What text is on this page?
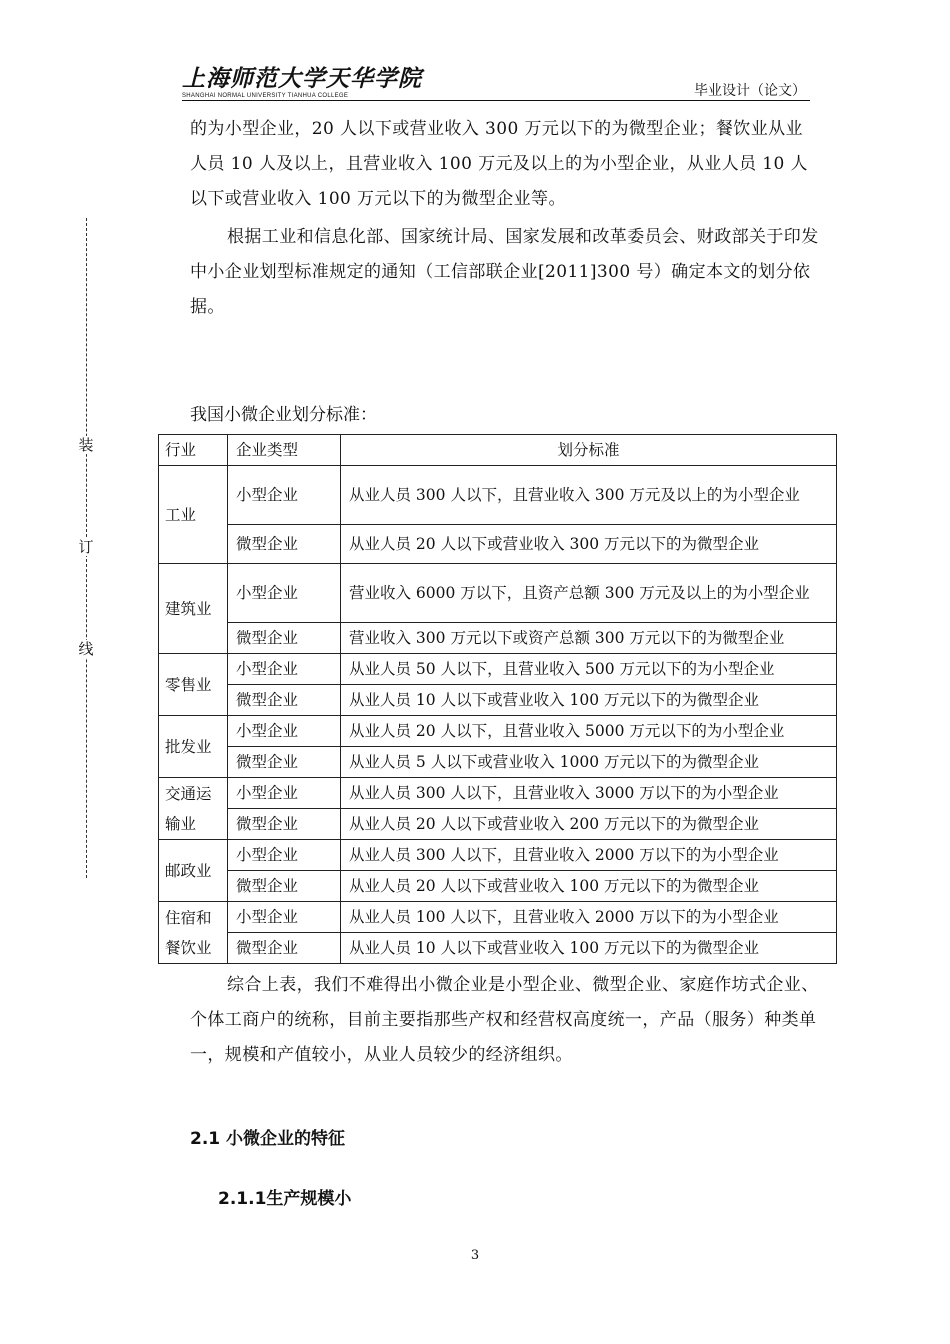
上海师范大学天华学院
SHANGHAI NORMAL UNIVERSITY TIANHUA COLLEGE	毕业设计（论文）
装
订
线
的为小型企业，20 人以下或营业收入 300 万元以下的为微型企业；餐饮业从业人员 10 人及以上，且营业收入 100 万元及以上的为小型企业，从业人员 10 人以下或营业收入 100 万元以下的为微型企业等。
根据工业和信息化部、国家统计局、国家发展和改革委员会、财政部关于印发中小企业划型标准规定的通知（工信部联企业[2011]300 号）确定本文的划分依据。
我国小微企业划分标准：
行业	企业类型	划分标准
工业	小型企业	从业人员 300 人以下，且营业收入 300 万元及以上的为小型企业
	微型企业	从业人员 20 人以下或营业收入 300 万元以下的为微型企业
建筑业	小型企业	营业收入 6000 万以下，且资产总额 300 万元及以上的为小型企业
	微型企业	营业收入 300 万元以下或资产总额 300 万元以下的为微型企业
零售业	小型企业	从业人员 50 人以下，且营业收入 500 万元以下的为小型企业
	微型企业	从业人员 10 人以下或营业收入 100 万元以下的为微型企业
批发业	小型企业	从业人员 20 人以下，且营业收入 5000 万元以下的为小型企业
	微型企业	从业人员 5 人以下或营业收入 1000 万元以下的为微型企业
交通运输业	小型企业	从业人员 300 人以下，且营业收入 3000 万以下的为小型企业
	微型企业	从业人员 20 人以下或营业收入 200 万元以下的为微型企业
邮政业	小型企业	从业人员 300 人以下，且营业收入 2000 万以下的为小型企业
	微型企业	从业人员 20 人以下或营业收入 100 万元以下的为微型企业
住宿和餐饮业	小型企业	从业人员 100 人以下，且营业收入 2000 万以下的为小型企业
	微型企业	从业人员 10 人以下或营业收入 100 万元以下的为微型企业
综合上表，我们不难得出小微企业是小型企业、微型企业、家庭作坊式企业、个体工商户的统称，目前主要指那些产权和经营权高度统一，产品（服务）种类单一，规模和产值较小，从业人员较少的经济组织。
2.1 小微企业的特征
2.1.1生产规模小
3
